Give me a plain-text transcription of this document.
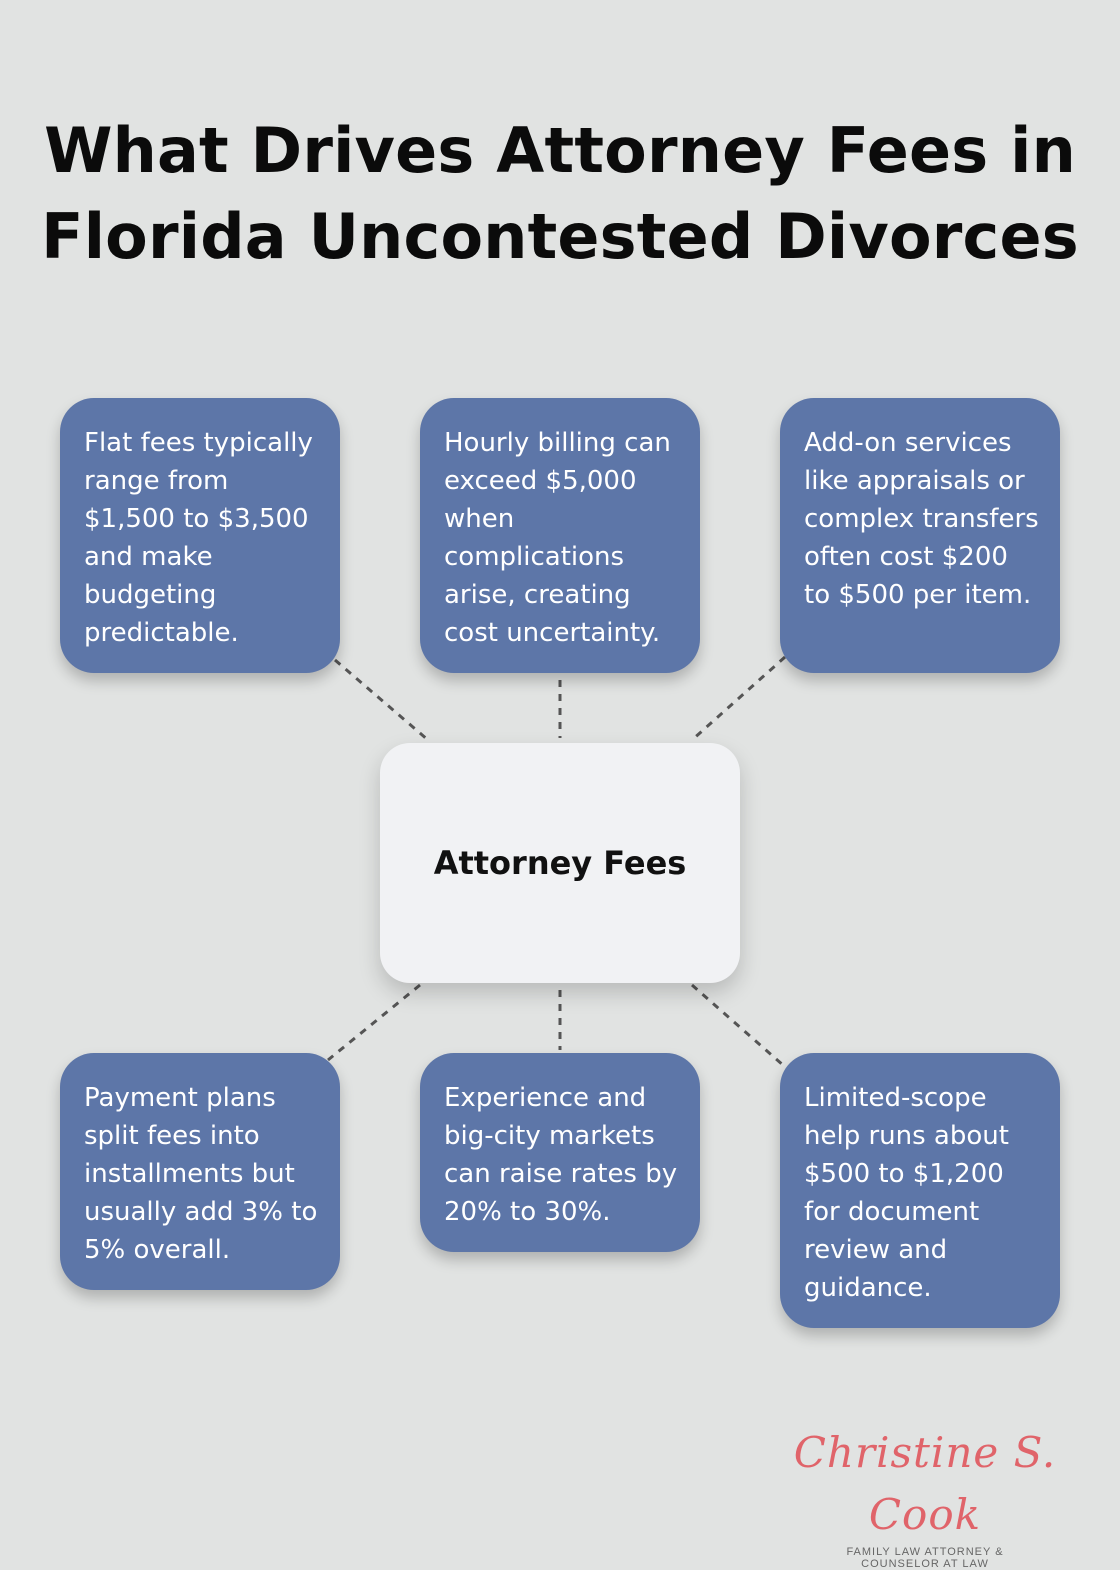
What Drives Attorney Fees in
Florida Uncontested Divorces
Flat fees typically range from $1,500 to $3,500 and make budgeting predictable.
Hourly billing can exceed $5,000 when complications arise, creating cost uncertainty.
Add-on services like appraisals or complex transfers often cost $200 to $500 per item.
Attorney Fees
Payment plans split fees into installments but usually add 3% to 5% overall.
Experience and big-city markets can raise rates by 20% to 30%.
Limited-scope help runs about $500 to $1,200 for document review and guidance.
Christine S. Cook
FAMILY LAW ATTORNEY &
COUNSELOR AT LAW
